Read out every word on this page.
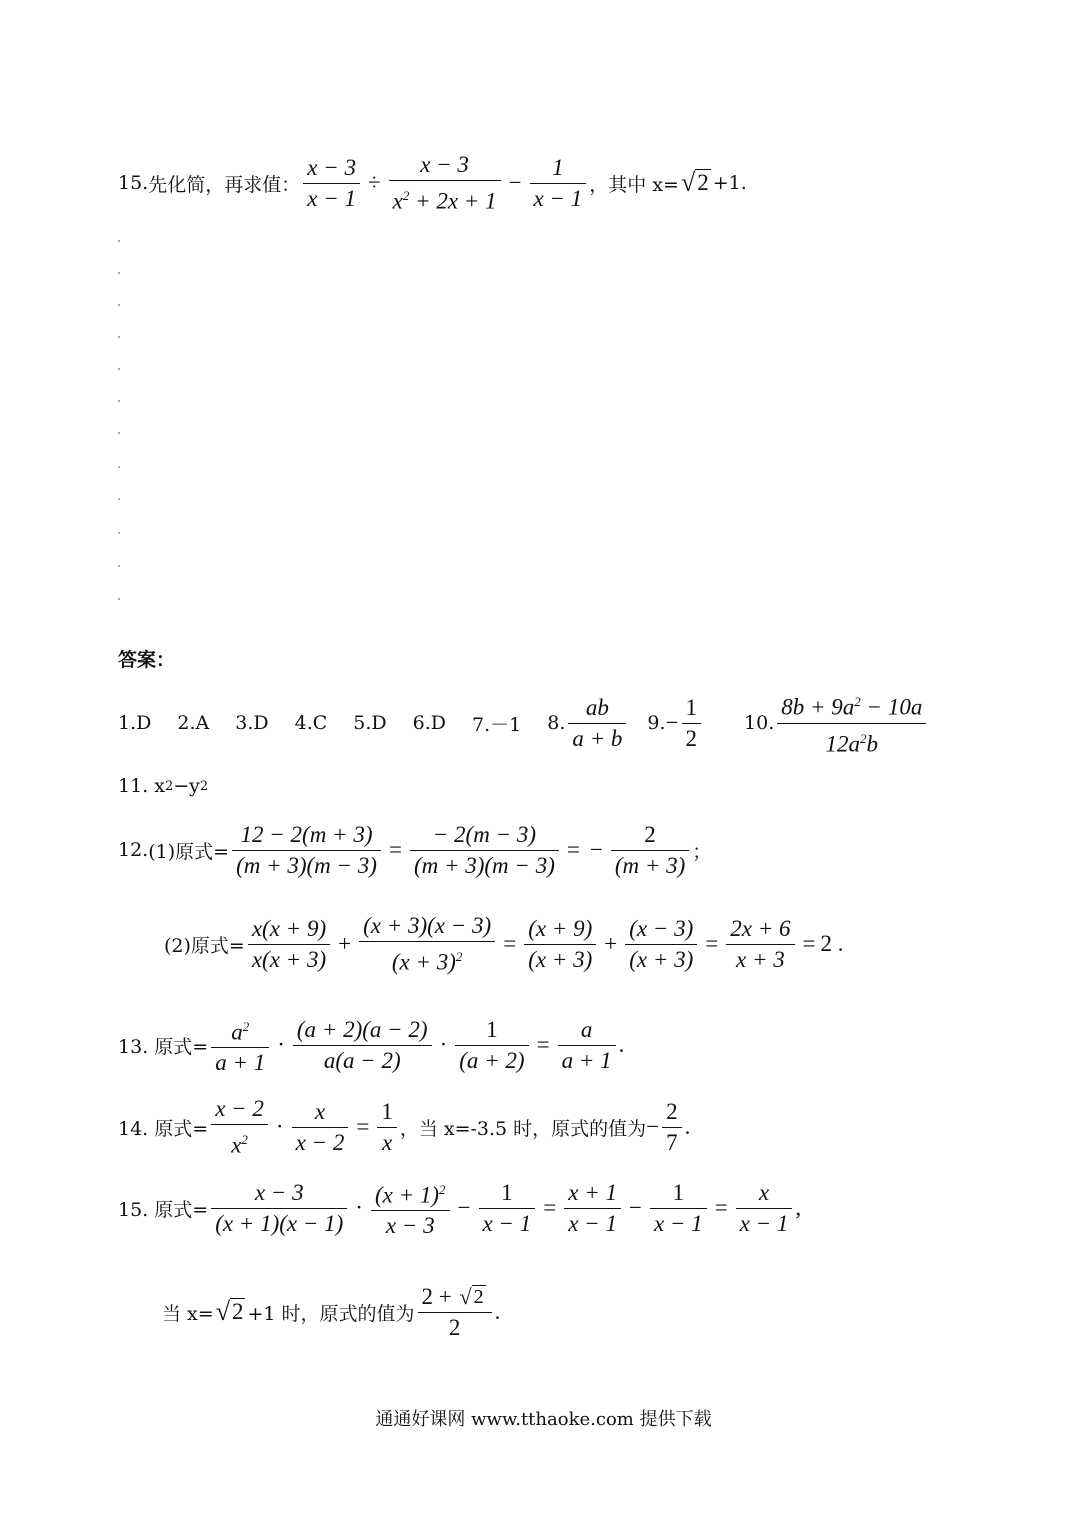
15. 先化简，再求值： $\frac{x - 3}{x - 1} \div \frac{x - 3}{x^2 + 2x + 1} - \frac{1}{x - 1}$ ，其中 x= √ 2 +1.
答案：
1.D 2.A 3.D 4.C 5.D 6.D 7.－1 8. $\frac{ab}{a + b} 9$. − $\frac{1}{2} 10$. $\frac{8b + 9a^2 - 10a}{12a^2b}$
11. x 2 −y 2
12. (1)原式= $\frac{12 - 2(m + 3)}{(m + 3)(m - 3)} = \frac{- 2(m - 3)}{(m + 3)(m - 3)}$ = − $\frac{2}{(m + 3)}$ ；
(2)原式= $\frac{x(x + 9)}{x(x + 3)} + \frac{(x + 3)(x - 3)}{(x + 3)^2} = \frac{(x + 9)}{(x + 3)} + \frac{(x - 3)}{(x + 3)} = \frac{2x + 6}{x + 3} = 2$ .
13. 原式= $\frac{a^2}{a + 1} \cdot \frac{(a + 2)(a - 2)}{a(a - 2)} \cdot \frac{1}{(a + 2)} = \frac{a}{a + 1}$ .
14. 原式= $\frac{x - 2}{x^2} \cdot \frac{x}{x - 2} = \frac{1}{x}$ ，当 x=-3.5 时，原式的值为 − $\frac{2}{7}$ .
15. 原式= $\frac{x - 3}{(x + 1)(x - 1)} \cdot \frac{(x + 1)^2}{x - 3} - \frac{1}{x - 1} = \frac{x + 1}{x - 1} - \frac{1}{x - 1} = \frac{x}{x - 1}$ ,
当 x= √ 2 +1 时，原式的值为 $\frac{2 + √ 2}{2}$ .
通通好课网 www.tthaoke.com 提供下载
